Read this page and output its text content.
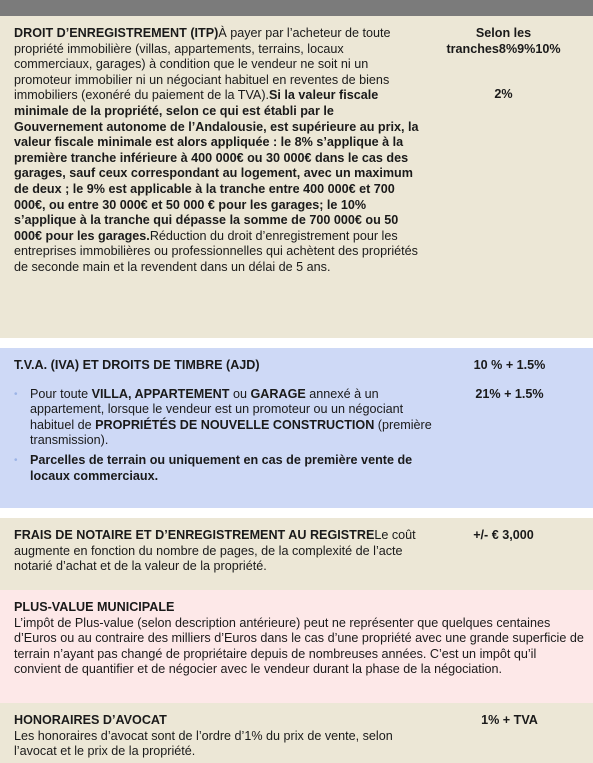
DROIT D’ENREGISTREMENT (ITP)À payer par l’acheteur de toute propriété immobilière (villas, appartements, terrains, locaux commerciaux, garages) à condition que le vendeur ne soit ni un promoteur immobilier ni un négociant habituel en reventes de biens immobiliers (exonéré du paiement de la TVA).Si la valeur fiscale minimale de la propriété, selon ce qui est établi par le Gouvernement autonome de l’Andalousie, est supérieure au prix, la valeur fiscale minimale est alors appliquée : le 8% s’applique à la première tranche inférieure à 400 000€ ou 30 000€ dans le cas des garages, sauf ceux correspondant au logement, avec un maximum de deux ; le 9% est applicable à la tranche entre 400 000€ et 700 000€, ou entre 30 000€ et 50 000 € pour les garages; le 10% s’applique à la tranche qui dépasse la somme de 700 000€ ou 50 000€ pour les garages.Réduction du droit d’enregistrement pour les entreprises immobilières ou professionnelles qui achètent des propriétés de seconde main et la revendent dans un délai de 5 ans.
Selon les tranches8%9%10%
2%
T.V.A. (IVA) ET DROITS DE TIMBRE (AJD)
• Pour toute VILLA, APPARTEMENT ou GARAGE annexé à un appartement, lorsque le vendeur est un promoteur ou un négociant habituel de PROPRIÉTÉS DE NOUVELLE CONSTRUCTION (première transmission).
• Parcelles de terrain ou uniquement en cas de première vente de locaux commerciaux.
10 % + 1.5%
21% + 1.5%
FRAIS DE NOTAIRE ET D’ENREGISTREMENT AU REGISTRELe coût augmente en fonction du nombre de pages, de la complexité de l’acte notarié d’achat et de la valeur de la propriété.
+/- € 3,000
PLUS-VALUE MUNICIPALE
L’impôt de Plus-value (selon description antérieure) peut ne représenter que quelques centaines d’Euros ou au contraire des milliers d’Euros dans le cas d’une propriété avec une grande superficie de terrain n’ayant pas changé de propriétaire depuis de nombreuses années. C’est un impôt qu’il convient de quantifier et de négocier avec le vendeur durant la phase de la négociation.
HONORAIRES D’AVOCAT
Les honoraires d’avocat sont de l’ordre d’1% du prix de vente, selon l’avocat et le prix de la propriété.
1% + TVA
